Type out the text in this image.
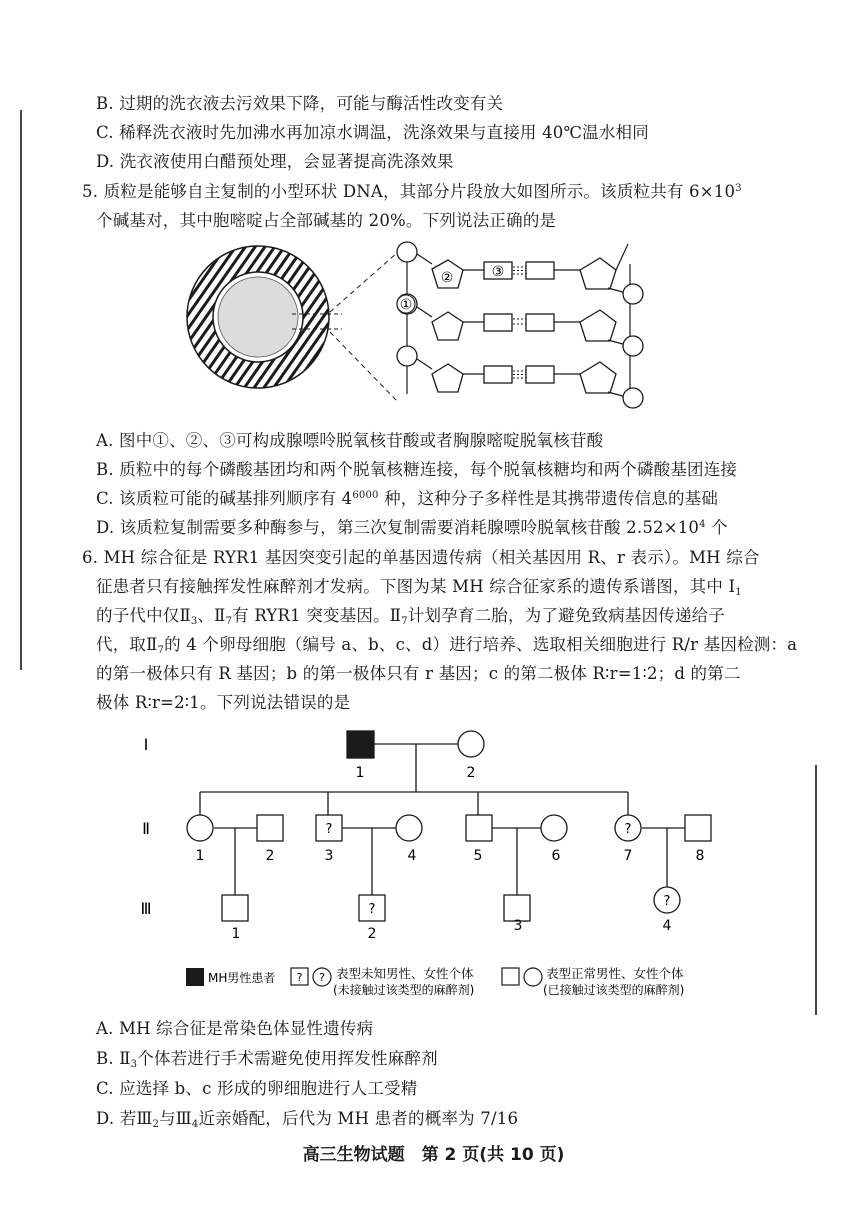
B. 过期的洗衣液去污效果下降，可能与酶活性改变有关
C. 稀释洗衣液时先加沸水再加凉水调温，洗涤效果与直接用 40℃温水相同
D. 洗衣液使用白醋预处理，会显著提高洗涤效果
5. 质粒是能够自主复制的小型环状 DNA，其部分片段放大如图所示。该质粒共有 $6\times 10^3$
个碱基对，其中胞嘧啶占全部碱基的 20%。下列说法正确的是
①
②	③
A. 图中①、②、③可构成腺嘌呤脱氧核苷酸或者胸腺嘧啶脱氧核苷酸
B. 质粒中的每个磷酸基团均和两个脱氧核糖连接，每个脱氧核糖均和两个磷酸基团连接
C. 该质粒可能的碱基排列顺序有 $4^{6000}$ 种，这种分子多样性是其携带遗传信息的基础
D. 该质粒复制需要多种酶参与，第三次复制需要消耗腺嘌呤脱氧核苷酸 $2.52\times 10^4$ 个
6. MH 综合征是 RYR1 基因突变引起的单基因遗传病（相关基因用 R、r 表示）。MH 综合
征患者只有接触挥发性麻醉剂才发病。下图为某 MH 综合征家系的遗传系谱图，其中 $I_1$
的子代中仅$Ⅱ_3$、$Ⅱ_7$有 RYR1 突变基因。$Ⅱ_7$计划孕育二胎，为了避免致病基因传递给子
代，取$Ⅱ_7$的 4 个卵母细胞（编号 a、b、c、d）进行培养、选取相关细胞进行 R/r 基因检测：a
的第一极体只有 R 基因；b 的第一极体只有 r 基因；c 的第二极体 R∶r=1∶2；d 的第二
极体 R∶r=2∶1。下列说法错误的是
?	?
?
?
I
Ⅱ
Ⅲ
1	2
1	2	3	4	5	6	7	8
1	2	3	4
MH男性患者 ? ? 表型未知男性、女性个体
(未接触过该类型的麻醉剂)
表型正常男性、女性个体
(已接触过该类型的麻醉剂)
A. MH 综合征是常染色体显性遗传病
B. $Ⅱ_3$个体若进行手术需避免使用挥发性麻醉剂
C. 应选择 b、c 形成的卵细胞进行人工受精
D. 若$Ⅲ_2$与$Ⅲ_4$近亲婚配，后代为 MH 患者的概率为 7/16
高三生物试题　第 2 页(共 10 页)
